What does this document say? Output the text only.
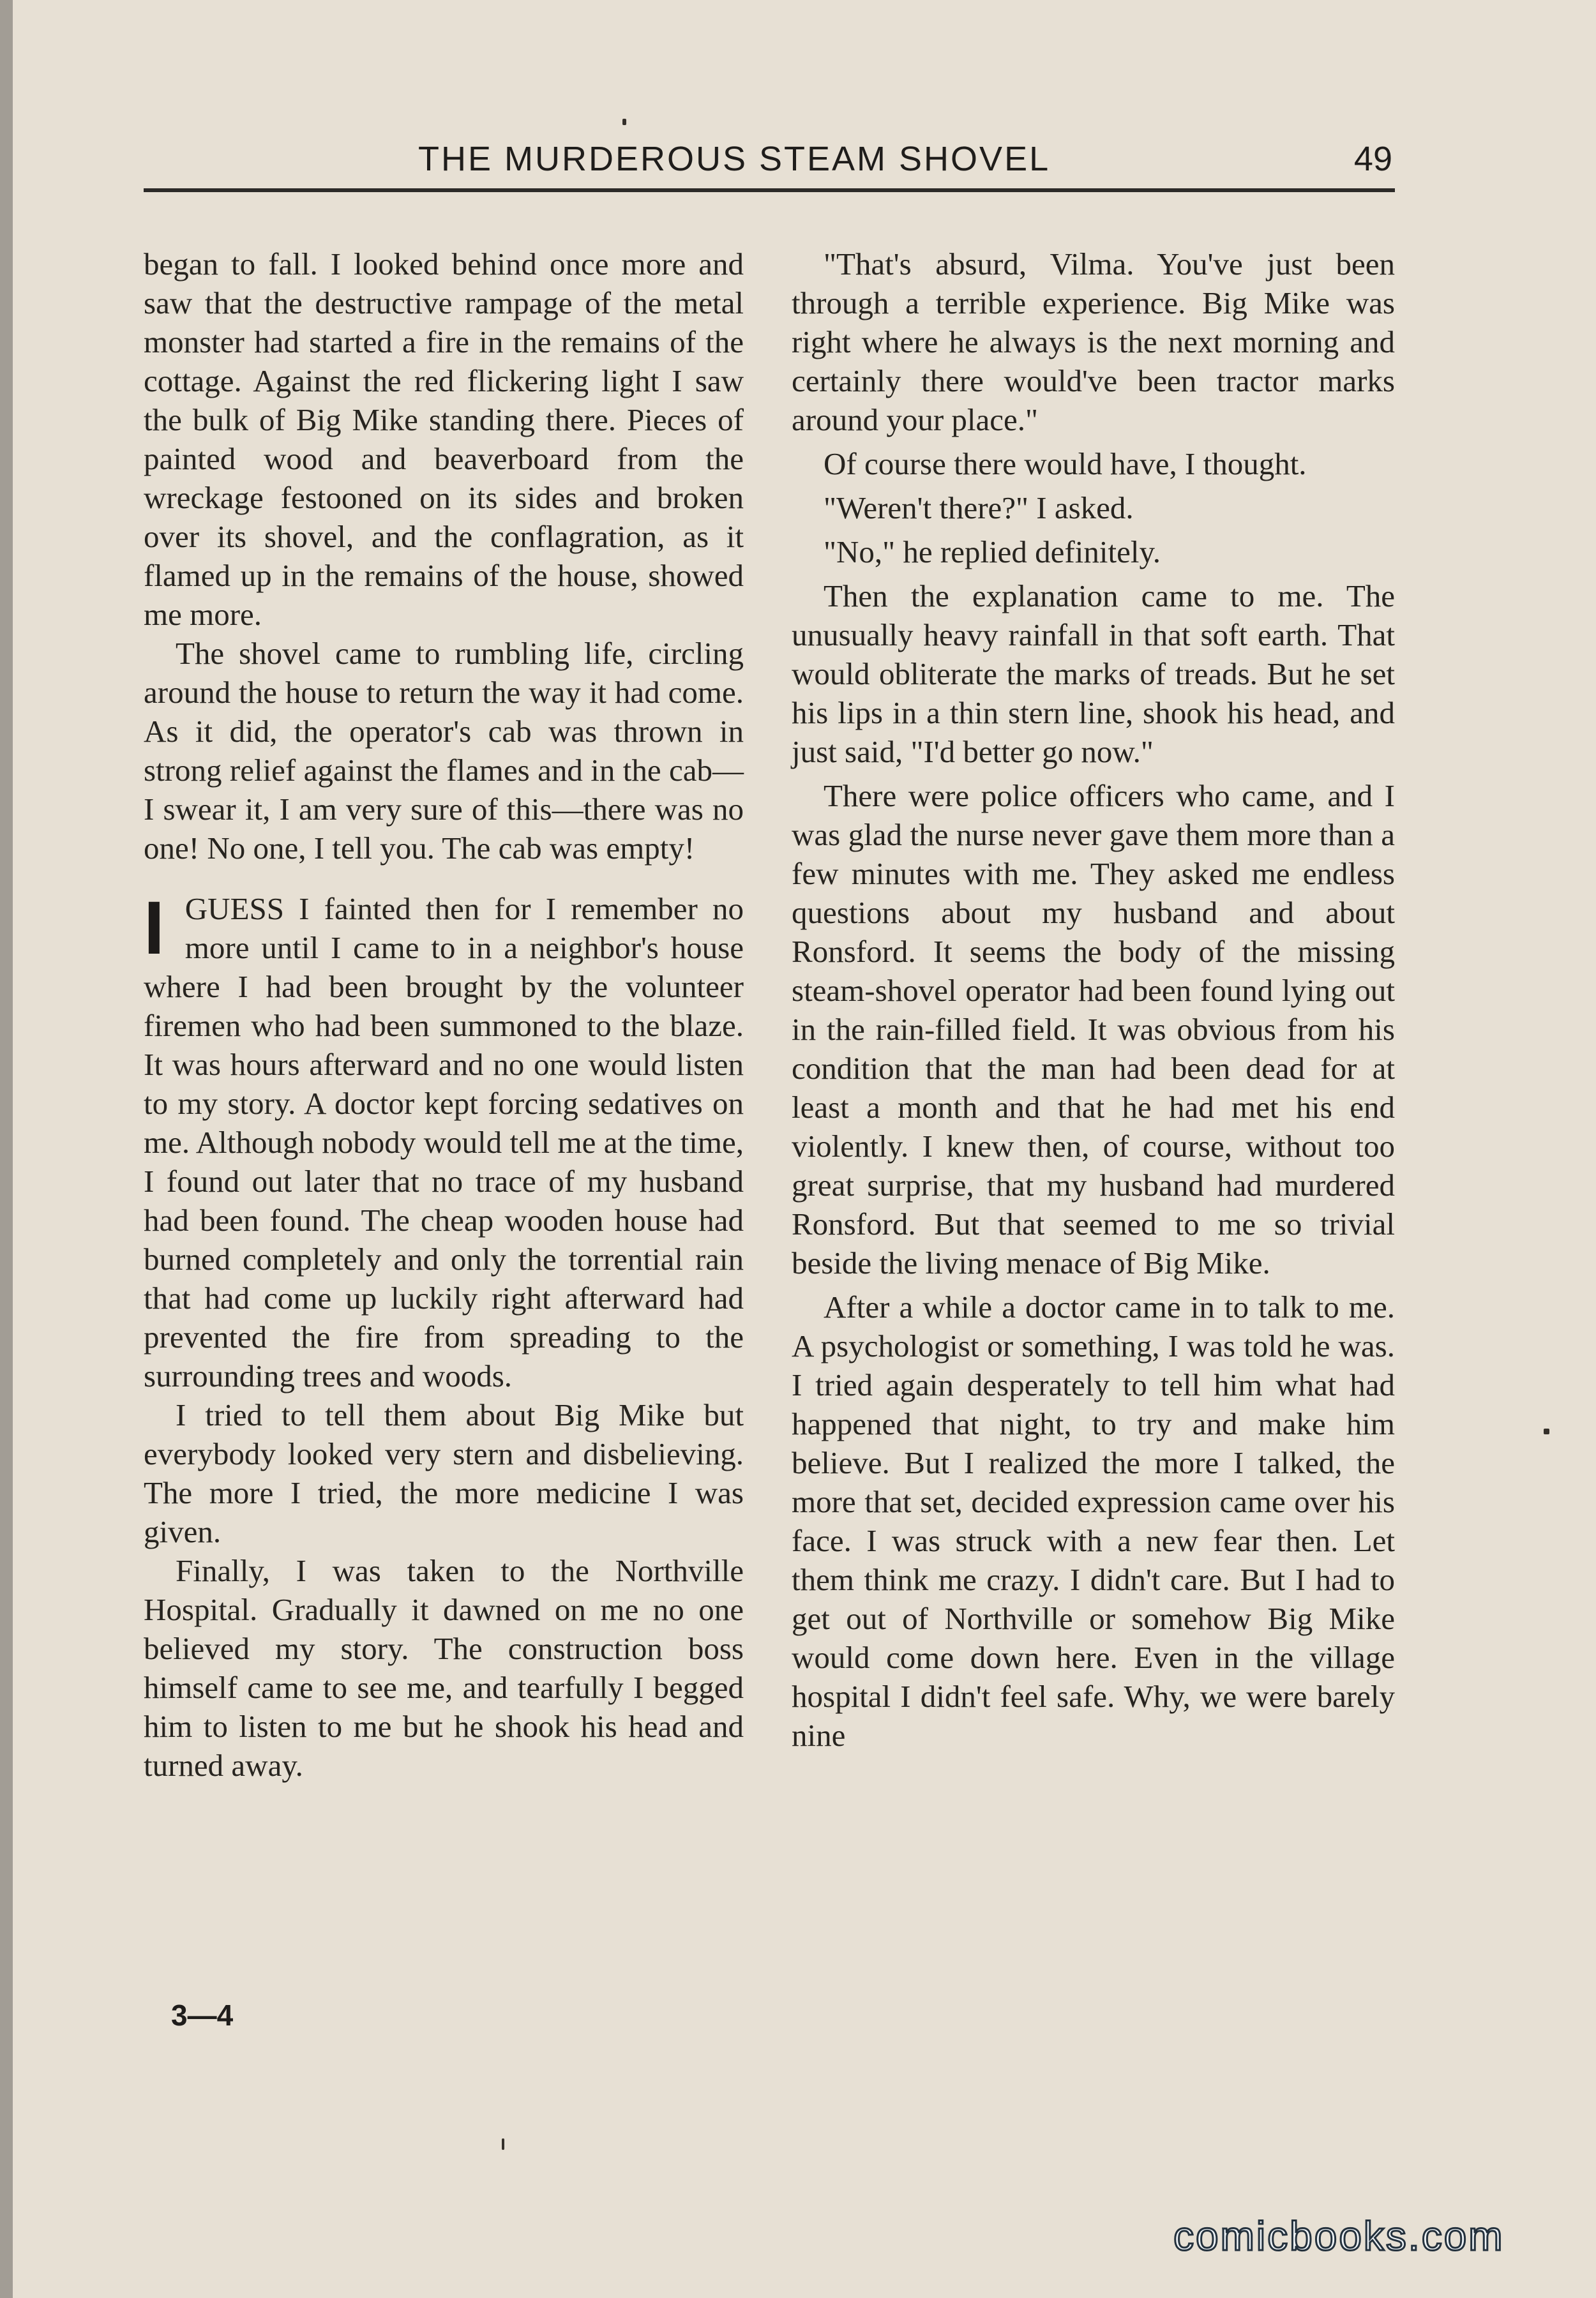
THE MURDEROUS STEAM SHOVEL	49

began to fall. I looked behind once more and saw that the destructive rampage of the metal monster had started a fire in the remains of the cottage. Against the red flickering light I saw the bulk of Big Mike standing there. Pieces of painted wood and beaverboard from the wreckage festooned on its sides and broken over its shovel, and the conflagration, as it flamed up in the remains of the house, showed me more.

The shovel came to rumbling life, circling around the house to return the way it had come. As it did, the operator's cab was thrown in strong relief against the flames and in the cab—I swear it, I am very sure of this—there was no one! No one, I tell you. The cab was empty!

IGUESS I fainted then for I remember no more until I came to in a neighbor's house where I had been brought by the volunteer firemen who had been summoned to the blaze. It was hours afterward and no one would listen to my story. A doctor kept forcing sedatives on me. Although nobody would tell me at the time, I found out later that no trace of my husband had been found. The cheap wooden house had burned completely and only the torrential rain that had come up luckily right afterward had prevented the fire from spreading to the surrounding trees and woods.

I tried to tell them about Big Mike but everybody looked very stern and disbelieving. The more I tried, the more medicine I was given.

Finally, I was taken to the Northville Hospital. Gradually it dawned on me no one believed my story. The construction boss himself came to see me, and tearfully I begged him to listen to me but he shook his head and turned away.

"That's absurd, Vilma. You've just been through a terrible experience. Big Mike was right where he always is the next morning and certainly there would've been tractor marks around your place."

Of course there would have, I thought.

"Weren't there?" I asked.

"No," he replied definitely.

Then the explanation came to me. The unusually heavy rainfall in that soft earth. That would obliterate the marks of treads. But he set his lips in a thin stern line, shook his head, and just said, "I'd better go now."

There were police officers who came, and I was glad the nurse never gave them more than a few minutes with me. They asked me endless questions about my husband and about Ronsford. It seems the body of the missing steam-shovel operator had been found lying out in the rain-filled field. It was obvious from his condition that the man had been dead for at least a month and that he had met his end violently. I knew then, of course, without too great surprise, that my husband had murdered Ronsford. But that seemed to me so trivial beside the living menace of Big Mike.

After a while a doctor came in to talk to me. A psychologist or something, I was told he was. I tried again desperately to tell him what had happened that night, to try and make him believe. But I realized the more I talked, the more that set, decided expression came over his face. I was struck with a new fear then. Let them think me crazy. I didn't care. But I had to get out of Northville or somehow Big Mike would come down here. Even in the village hospital I didn't feel safe. Why, we were barely nine

3—4
comicbooks.com
